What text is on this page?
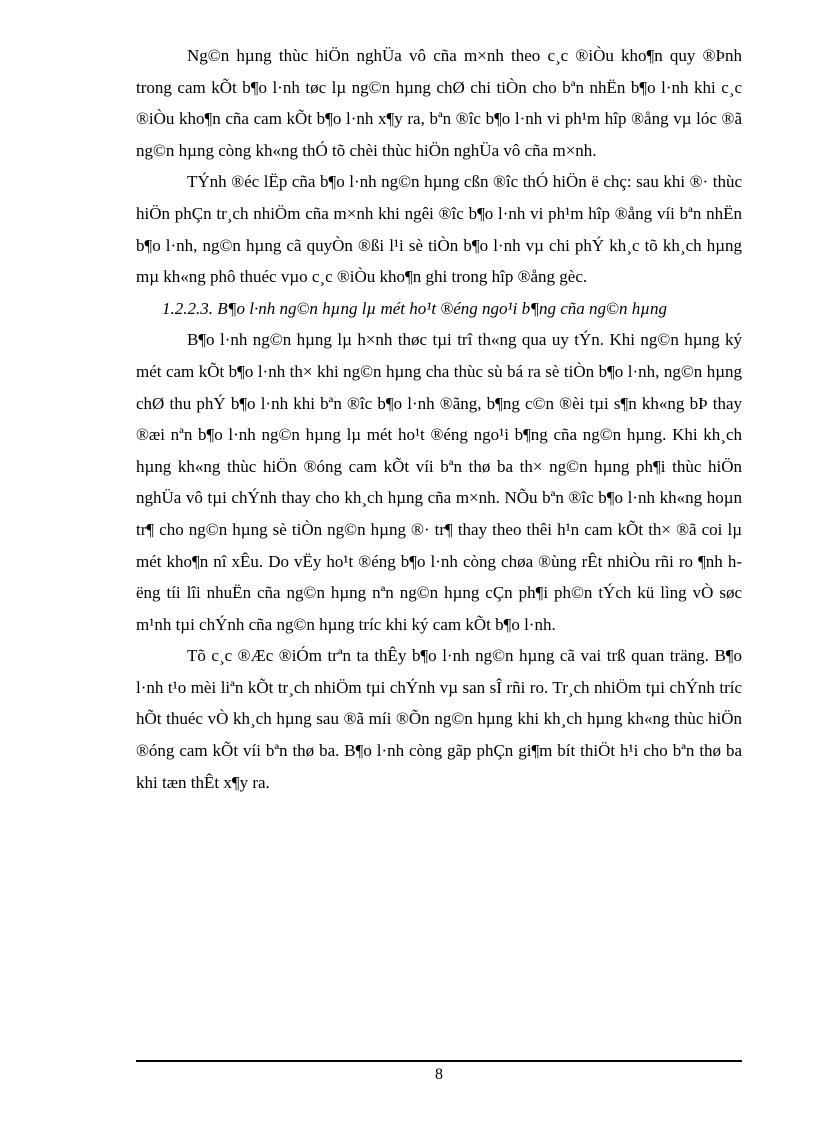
Ng©n hµng thùc hiÖn nghÜa vô cña m×nh theo c¸c ®iÒu kho¶n quy ®Þnh trong cam kÕt b¶o l·nh tøc lµ ng©n hµng chØ chi tiÒn cho bªn nhËn b¶o l·nh khi c¸c ®iÒu kho¶n cña cam kÕt b¶o l·nh x¶y ra, bªn ®îc b¶o l·nh vi ph¹m hîp ®ång vµ lóc ®ã ng©n hµng còng kh«ng thÓ tõ chèi thùc hiÖn nghÜa vô cña m×nh.

TÝnh ®éc lËp cña b¶o l·nh ng©n hµng cßn ®îc thÓ hiÖn ë chç: sau khi ®· thùc hiÖn phÇn tr¸ch nhiÖm cña m×nh khi ngêi ®îc b¶o l·nh vi ph¹m hîp ®ång víi bªn nhËn b¶o l·nh, ng©n hµng cã quyÒn ®ßi l¹i sè tiÒn b¶o l·nh vµ chi phÝ kh¸c tõ kh¸ch hµng mµ kh«ng phô thuéc vµo c¸c ®iÒu kho¶n ghi trong hîp ®ång gèc.

1.2.2.3. B¶o l·nh ng©n hµng lµ mét ho¹t ®éng ngo¹i b¶ng cña ng©n hµng

B¶o l·nh ng©n hµng lµ h×nh thøc tµi trî th«ng qua uy tÝn. Khi ng©n hµng ký mét cam kÕt b¶o l·nh th× khi ng©n hµng cha thùc sù bá ra sè tiÒn b¶o l·nh, ng©n hµng chØ thu phÝ b¶o l·nh khi bªn ®îc b¶o l·nh ®ãng, b¶ng c©n ®èi tµi s¶n kh«ng bÞ thay ®æi nªn b¶o l·nh ng©n hµng lµ mét ho¹t ®éng ngo¹i b¶ng cña ng©n hµng. Khi kh¸ch hµng kh«ng thùc hiÖn ®óng cam kÕt víi bªn thø ba th× ng©n hµng ph¶i thùc hiÖn nghÜa vô tµi chÝnh thay cho kh¸ch hµng cña m×nh. NÕu bªn ®îc b¶o l·nh kh«ng hoµn tr¶ cho ng©n hµng sè tiÒn ng©n hµng ®· tr¶ thay theo thêi h¹n cam kÕt th× ®ã coi lµ mét kho¶n nî xÊu. Do vËy ho¹t ®éng b¶o l·nh còng chøa ®ùng rÊt nhiÒu rñi ro ¶nh hëng tíi lîi nhuËn cña ng©n hµng nªn ng©n hµng cÇn ph¶i ph©n tÝch kü lìng vÒ søc m¹nh tµi chÝnh cña ng©n hµng tríc khi ký cam kÕt b¶o l·nh.

Tõ c¸c ®Æc ®iÓm trªn ta thÊy b¶o l·nh ng©n hµng cã vai trß quan träng. B¶o l·nh t¹o mèi liªn kÕt tr¸ch nhiÖm tµi chÝnh vµ san sÎ rñi ro. Tr¸ch nhiÖm tµi chÝnh tríc hÕt thuéc vÒ kh¸ch hµng sau ®ã míi ®Õn ng©n hµng khi kh¸ch hµng kh«ng thùc hiÖn ®óng cam kÕt víi bªn thø ba. B¶o l·nh còng gãp phÇn gi¶m bít thiÖt h¹i cho bªn thø ba khi tæn thÊt x¶y ra.

8
